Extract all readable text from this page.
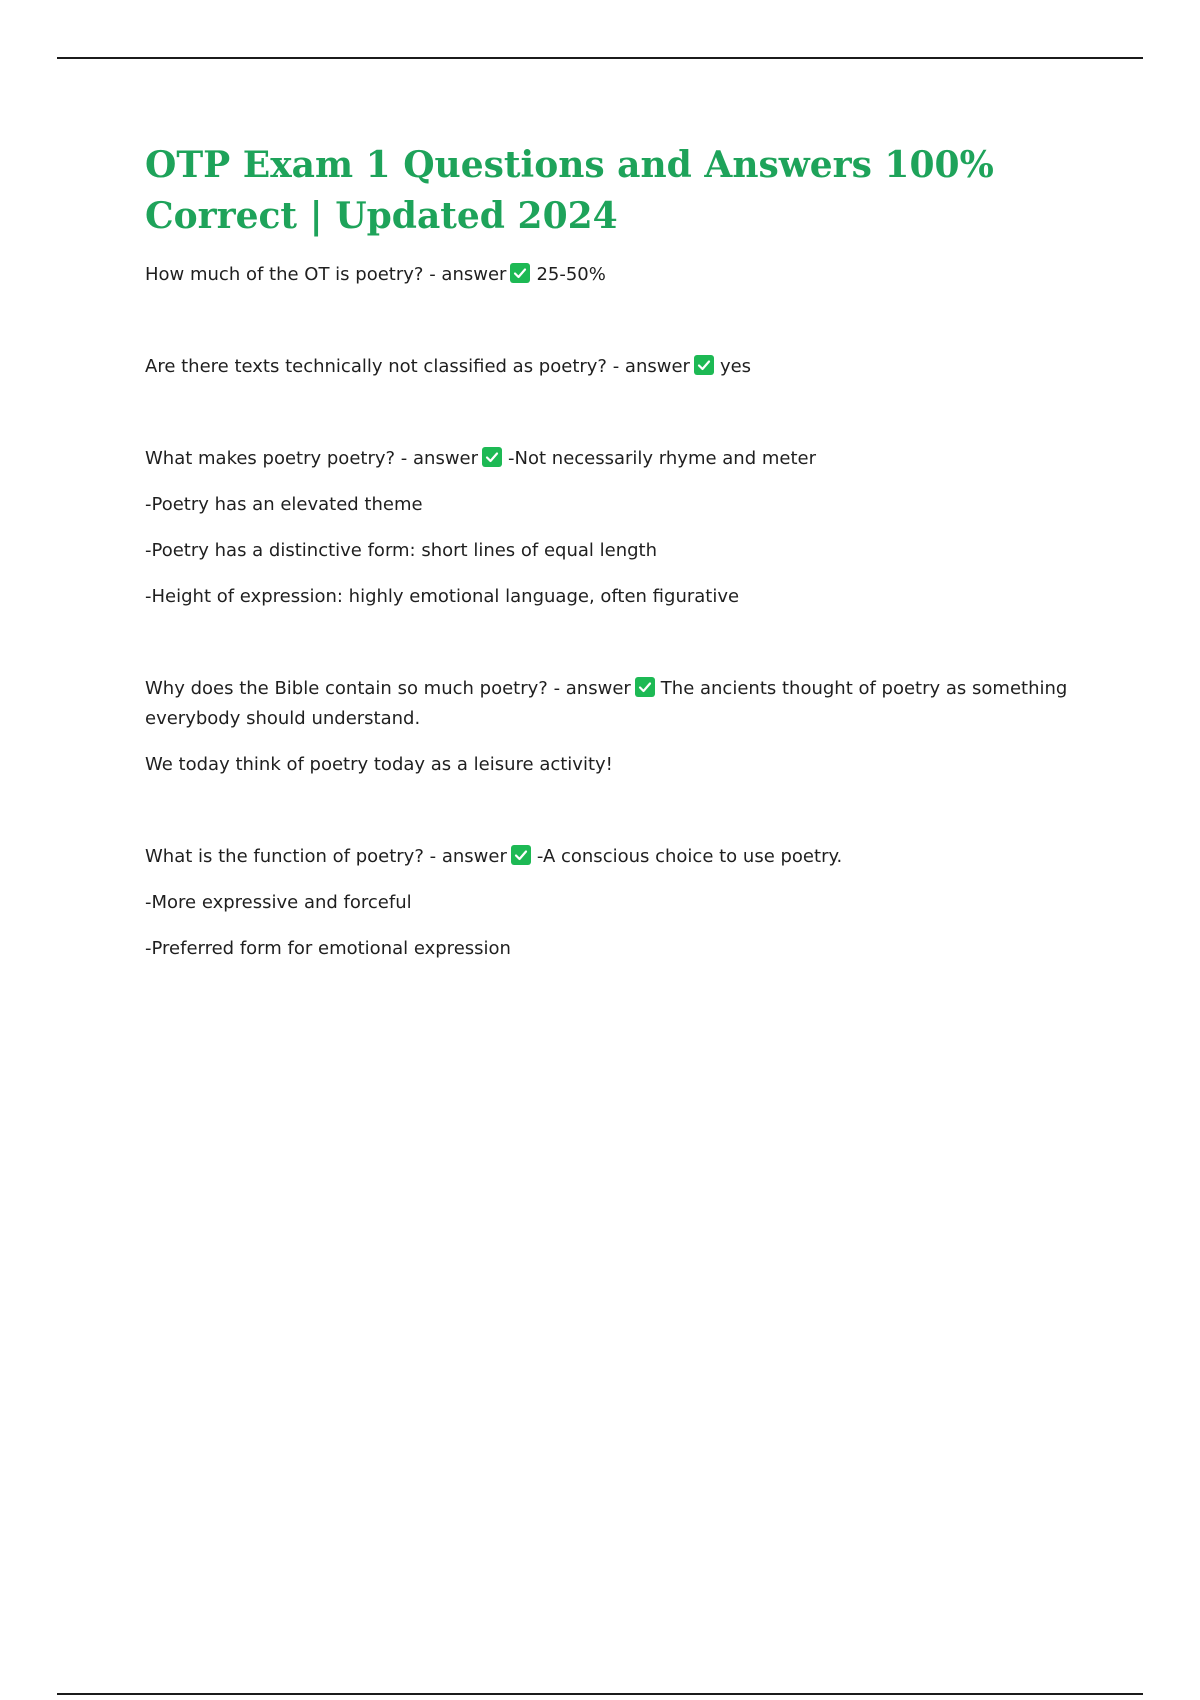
OTP Exam 1 Questions and Answers 100% Correct | Updated 2024

How much of the OT is poetry? - answer 25-50%

Are there texts technically not classified as poetry? - answer yes

What makes poetry poetry? - answer -Not necessarily rhyme and meter

-Poetry has an elevated theme

-Poetry has a distinctive form: short lines of equal length

-Height of expression: highly emotional language, often figurative

Why does the Bible contain so much poetry? - answer The ancients thought of poetry as something everybody should understand.

We today think of poetry today as a leisure activity!

What is the function of poetry? - answer -A conscious choice to use poetry.

-More expressive and forceful

-Preferred form for emotional expression
